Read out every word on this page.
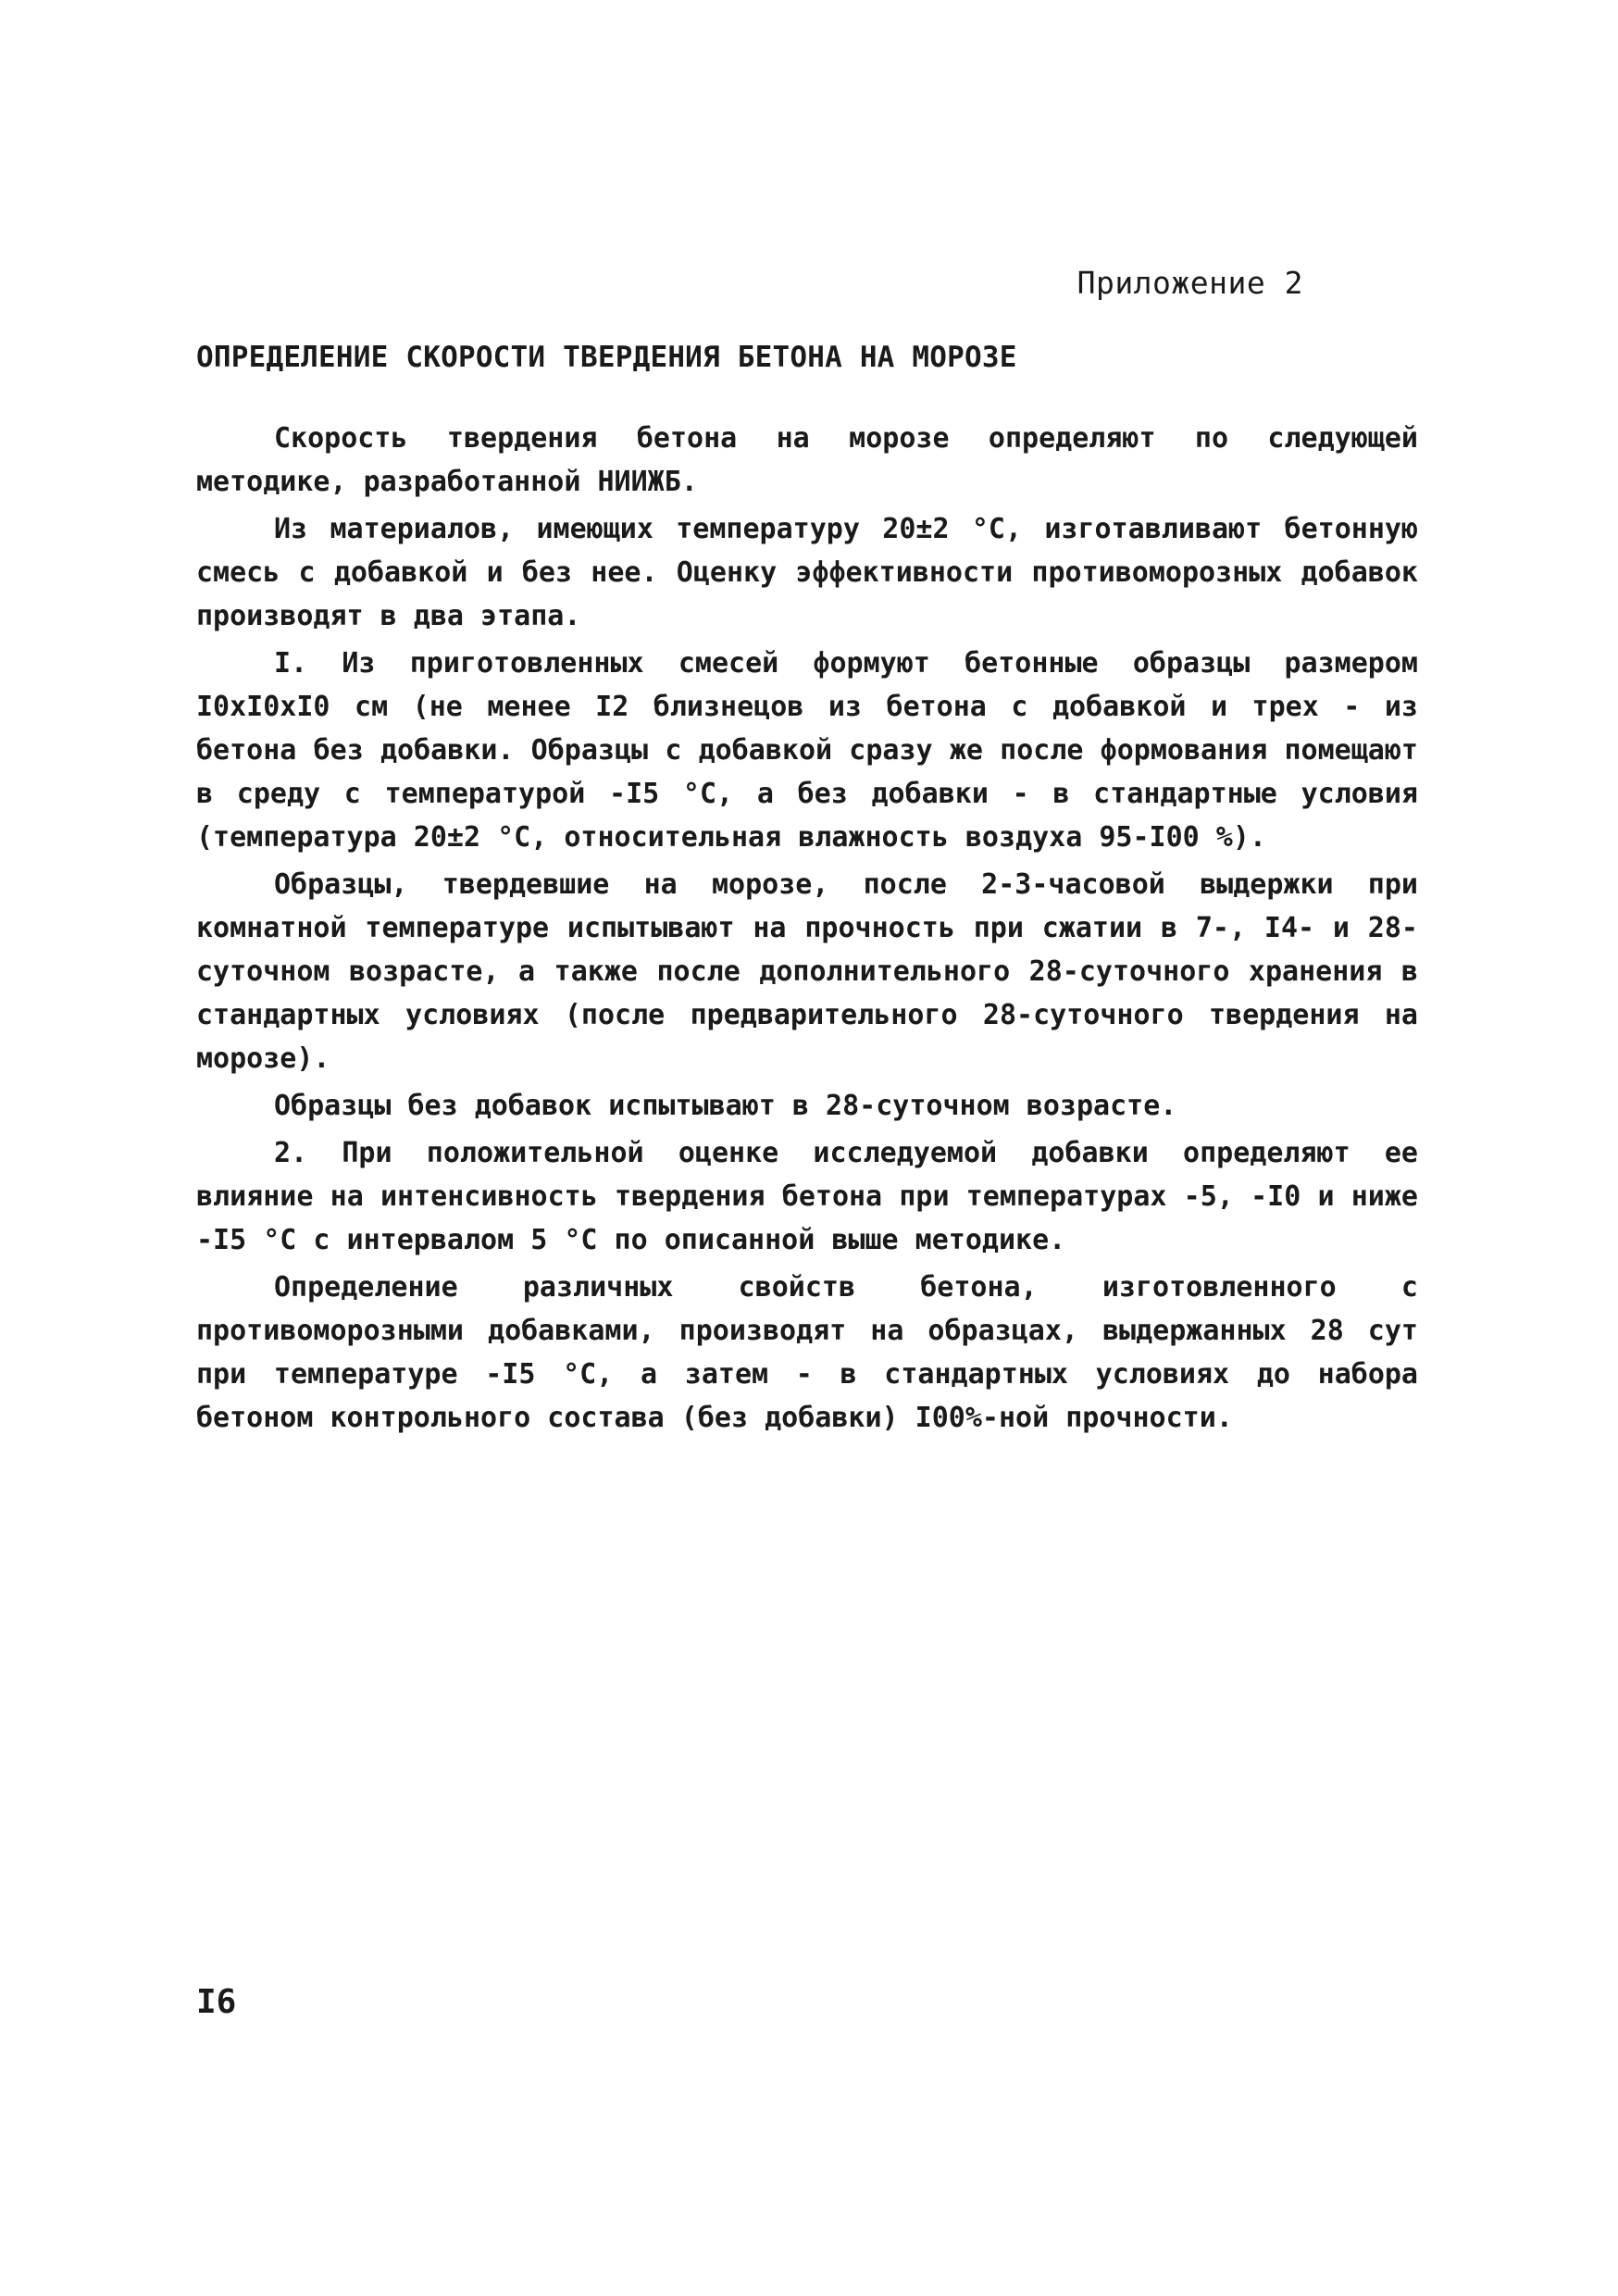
Приложение 2
ОПРЕДЕЛЕНИЕ СКОРОСТИ ТВЕРДЕНИЯ БЕТОНА НА МОРОЗЕ

Скорость твердения бетона на морозе определяют по следующей методике, разработанной НИИЖБ.

Из материалов, имеющих температуру 20±2 °С, изготавливают бетонную смесь с добавкой и без нее. Оценку эффективности противоморозных добавок производят в два этапа.

I. Из приготовленных смесей формуют бетонные образцы размером I0xI0xI0 см (не менее I2 близнецов из бетона с добавкой и трех - из бетона без добавки. Образцы с добавкой сразу же после формования помещают в среду с температурой -I5 °С, а без добавки - в стандартные условия (температура 20±2 °С, относительная влажность воздуха 95-I00 %).

Образцы, твердевшие на морозе, после 2-3-часовой выдержки при комнатной температуре испытывают на прочность при сжатии в 7-, I4- и 28-суточном возрасте, а также после дополнительного 28-суточного хранения в стандартных условиях (после предварительного 28-суточного твердения на морозе).

Образцы без добавок испытывают в 28-суточном возрасте.

2. При положительной оценке исследуемой добавки определяют ее влияние на интенсивность твердения бетона при температурах -5, -I0 и ниже -I5 °С с интервалом 5 °С по описанной выше методике.

Определение различных свойств бетона, изготовленного с противоморозными добавками, производят на образцах, выдержанных 28 сут при температуре -I5 °С, а затем - в стандартных условиях до набора бетоном контрольного состава (без добавки) I00%-ной прочности.

I6
